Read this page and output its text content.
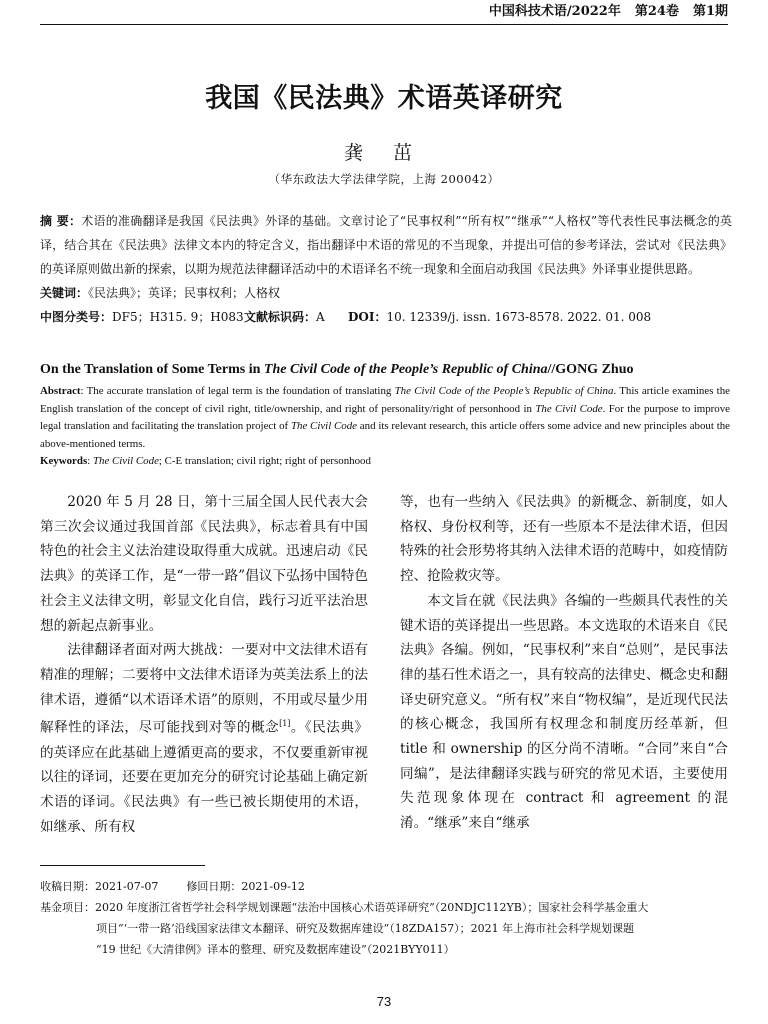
中国科技术语/2022年 第24卷 第1期
我国《民法典》术语英译研究
龚 茁
（华东政法大学法律学院，上海 200042）

摘 要：术语的准确翻译是我国《民法典》外译的基础。文章讨论了“民事权利”“所有权”“继承”“人格权”等代表性民事法概念的英译，结合其在《民法典》法律文本内的特定含义，指出翻译中术语的常见的不当现象，并提出可信的参考译法，尝试对《民法典》的英译原则做出新的探索，以期为规范法律翻译活动中的术语译名不统一现象和全面启动我国《民法典》外译事业提供思路。

关键词：《民法典》；英译；民事权利；人格权

中图分类号：DF5；H315. 9；H083文献标识码：A DOI：10. 12339/j. issn. 1673-8578. 2022. 01. 008

On the Translation of Some Terms in The Civil Code of the People’s Republic of China//GONG Zhuo

Abstract: The accurate translation of legal term is the foundation of translating The Civil Code of the People’s Republic of China. This article examines the English translation of the concept of civil right, title/ownership, and right of personality/right of personhood in The Civil Code. For the purpose to improve legal translation and facilitating the translation project of The Civil Code and its relevant research, this article offers some advice and new principles about the above-mentioned terms.

Keywords: The Civil Code; C-E translation; civil right; right of personhood

2020 年 5 月 28 日，第十三届全国人民代表大会第三次会议通过我国首部《民法典》，标志着具有中国特色的社会主义法治建设取得重大成就。迅速启动《民法典》的英译工作，是“一带一路”倡议下弘扬中国特色社会主义法律文明，彰显文化自信，践行习近平法治思想的新起点新事业。

法律翻译者面对两大挑战：一要对中文法律术语有精准的理解；二要将中文法律术语译为英美法系上的法律术语，遵循“以术语译术语”的原则，不用或尽量少用解释性的译法，尽可能找到对等的概念[1]。《民法典》的英译应在此基础上遵循更高的要求，不仅要重新审视以往的译词，还要在更加充分的研究讨论基础上确定新术语的译词。《民法典》有一些已被长期使用的术语，如继承、所有权

等，也有一些纳入《民法典》的新概念、新制度，如人格权、身份权利等，还有一些原本不是法律术语，但因特殊的社会形势将其纳入法律术语的范畴中，如疫情防控、抢险救灾等。

本文旨在就《民法典》各编的一些颇具代表性的关键术语的英译提出一些思路。本文选取的术语来自《民法典》各编。例如，“民事权利”来自“总则”，是民事法律的基石性术语之一，具有较高的法律史、概念史和翻译史研究意义。“所有权”来自“物权编”，是近现代民法的核心概念，我国所有权理念和制度历经革新，但 title 和 ownership 的区分尚不清晰。“合同”来自“合同编”，是法律翻译实践与研究的常见术语，主要使用失范现象体现在 contract 和 agreement 的混淆。“继承”来自“继承

收稿日期：2021-07-07	修回日期：2021-09-12

基金项目：2020 年度浙江省哲学社会科学规划课题“法治中国核心术语英译研究”（20NDJC112YB）；国家社会科学基金重大

项目“‘一带一路’沿线国家法律文本翻译、研究及数据库建设”（18ZDA157）；2021 年上海市社会科学规划课题

“19 世纪《大清律例》译本的整理、研究及数据库建设”（2021BYY011）

73
